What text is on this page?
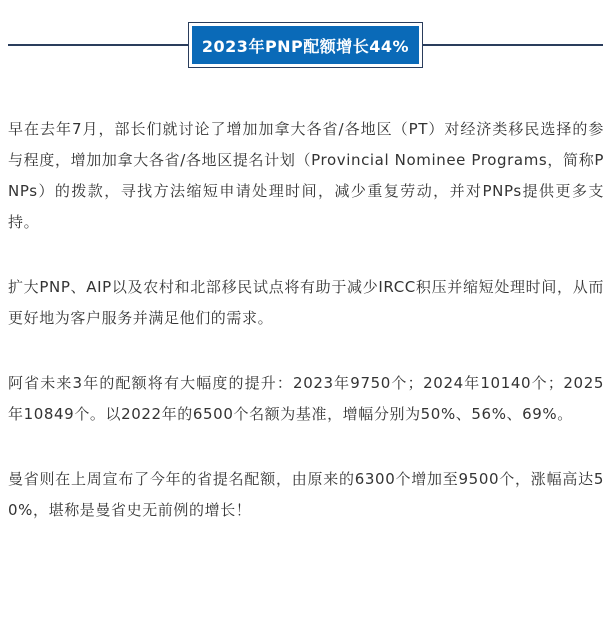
2023年PNP配额增长44%

早在去年7月，部长们就讨论了增加加拿大各省/各地区（PT）对经济类移民选择的参与程度，增加加拿大各省/各地区提名计划（Provincial Nominee Programs，简称PNPs）的拨款，寻找方法缩短申请处理时间，减少重复劳动，并对PNPs提供更多支持。

扩大PNP、AIP以及农村和北部移民试点将有助于减少IRCC积压并缩短处理时间，从而更好地为客户服务并满足他们的需求。

阿省未来3年的配额将有大幅度的提升：2023年9750个；2024年10140个；2025年10849个。以2022年的6500个名额为基准，增幅分别为50%、56%、69%。

曼省则在上周宣布了今年的省提名配额，由原来的6300个增加至9500个，涨幅高达50%，堪称是曼省史无前例的增长！
